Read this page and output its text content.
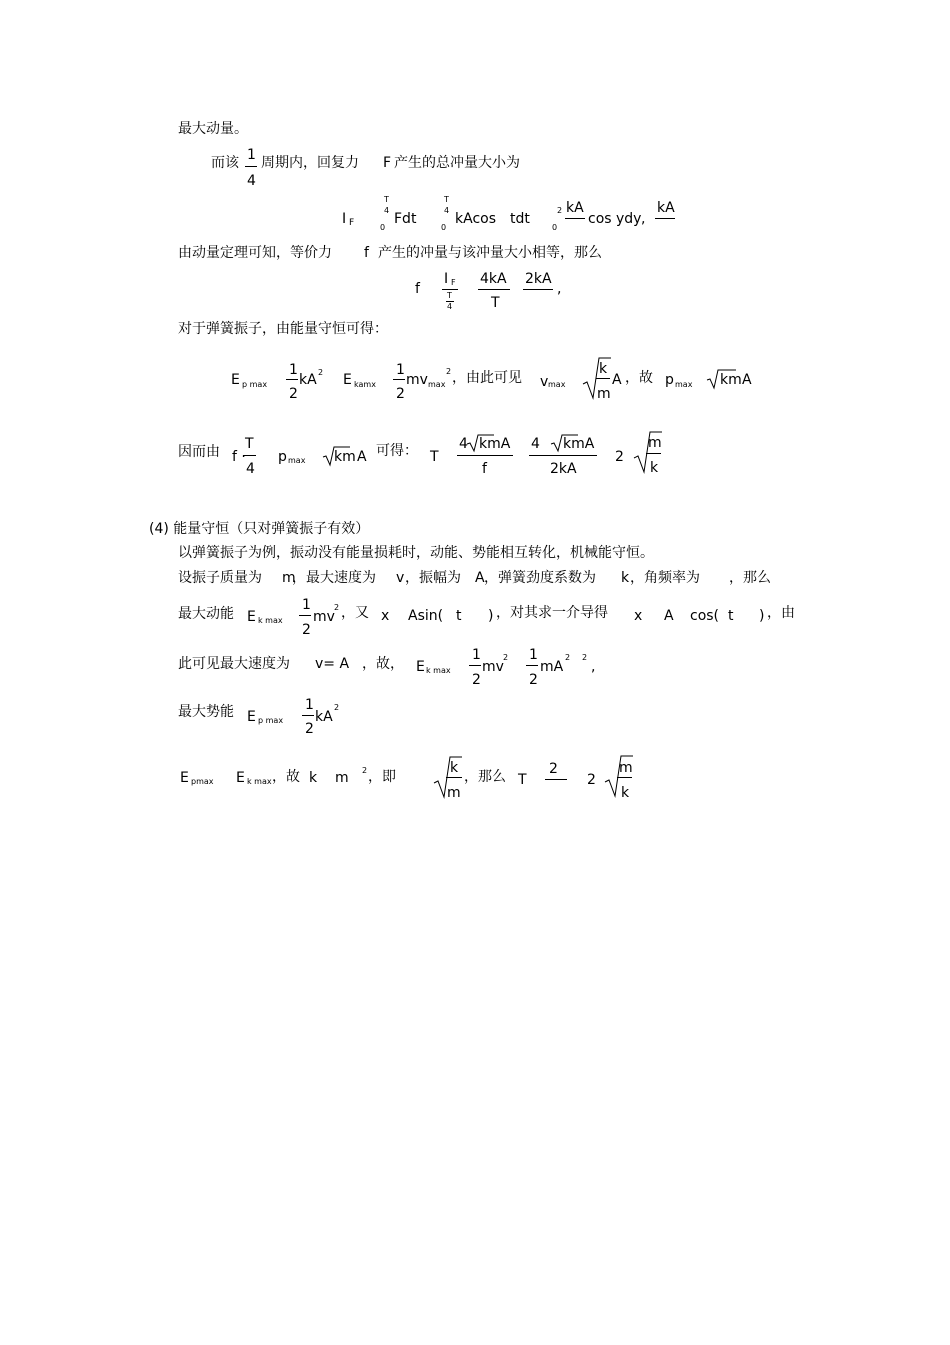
最大动量。
而该 1
4
周期内，回复力 F 产生的总冲量大小为
I F
T
4
0
Fdt
T
4
0
kAcos tdt
2
0
kA
cos ydy ,
kA
由动量定理可知，等价力 f 产生的冲量与该冲量大小相等，那么
f
I F
T
4
4kA
T
2kA
,
对于弹簧振子，由能量守恒可得：
E p max
1
2
kA 2 E kamx
1
2
mv max
2 ，由此可见 v max
k
m
A ，故 p max km A
因而由 f ·
T
4
p max km A 可得： T
4 kmA
f
4 kmA
2kA
2
m
k
(4) 能量守恒（只对弹簧振子有效）
以弹簧振子为例，振动没有能量损耗时，动能、势能相互转化，机械能守恒。
设振子质量为 m
，最大速度为 v ，振幅为 A ，弹簧劲度系数为 k ，角频率为 ，那么
最大动能 E k max
1
2
mv
2 ，又 x Asin( t ) ，对其求一介导得 x A cos( t ) ，由
此可见最大速度为 v= A ，故， E k max
1
2
mv
2 1
2
mA
2 2
,
最大势能 E p max
1
2
kA
2
E pmax E k max ，故 k m 2 ，即
k
m
，那么 T
2
2
m
k
